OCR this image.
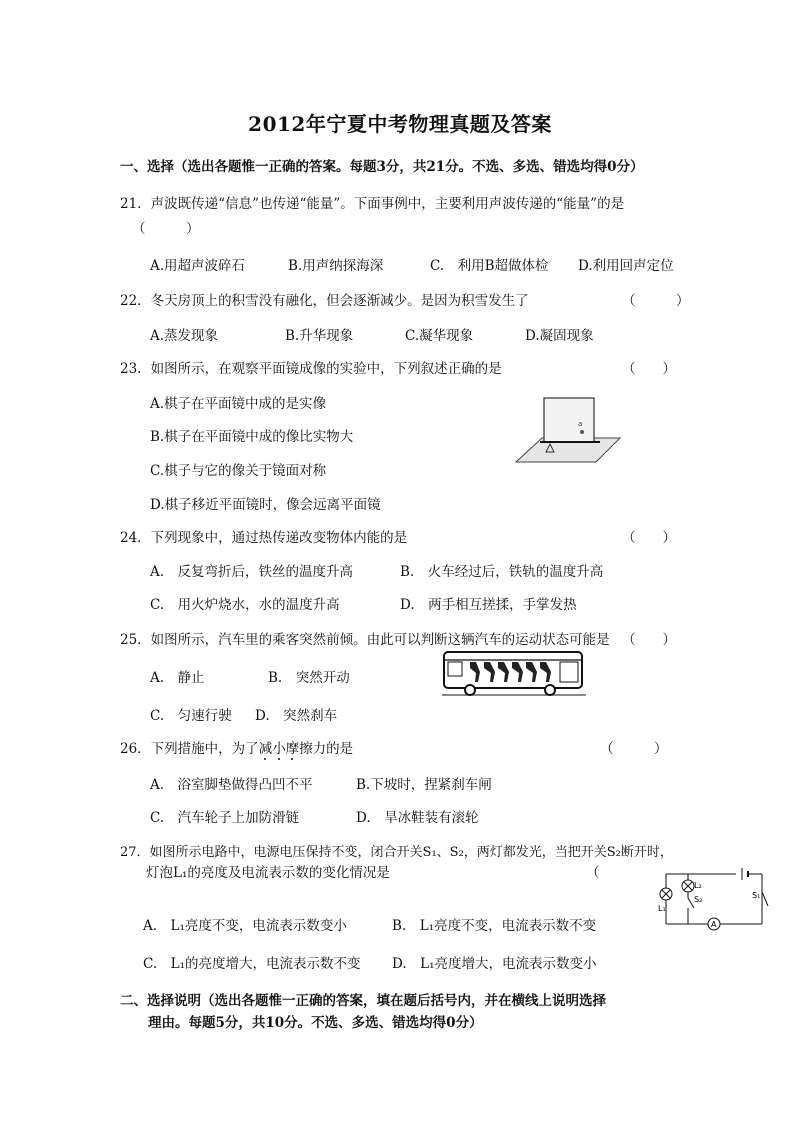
2012年宁夏中考物理真题及答案
一、选择（选出各题惟一正确的答案。每题3分，共21分。不选、多选、错选均得0分）
21．声波既传递“信息”也传递“能量”。下面事例中，主要利用声波传递的“能量”的是
（　　　）
A.用超声波碎石	B.用声纳探海深	C.　利用B超做体检 D.利用回声定位
22．冬天房顶上的积雪没有融化，但会逐渐减少。是因为积雪发生了	（　　　）
A.蒸发现象	B.升华现象	C.凝华现象	D.凝固现象
23．如图所示，在观察平面镜成像的实验中，下列叙述正确的是	（　　）
A.棋子在平面镜中成的是实像
B.棋子在平面镜中成的像比实物大
C.棋子与它的像关于镜面对称
D.棋子移近平面镜时，像会远离平面镜
a
24．下列现象中，通过热传递改变物体内能的是	（　　）
A.　反复弯折后，铁丝的温度升高	B.　火车经过后，铁轨的温度升高
C.　用火炉烧水，水的温度升高	D.　两手相互搓揉，手掌发热
25．如图所示，汽车里的乘客突然前倾。由此可以判断这辆汽车的运动状态可能是 （　　）
A.　静止	B.　突然开动
C.　匀速行驶 D.　突然刹车
26．下列措施中，为了减
小
摩
擦力的是	（　　　）
A.　浴室脚垫做得凸凹不平	B.下坡时，捏紧刹车闸
C.　汽车轮子上加防滑链	D.　旱冰鞋装有滚轮
27．如图所示电路中，电源电压保持不变，闭合开关S₁、S₂，两灯都发光，当把开关S₂断开时，
灯泡L₁的亮度及电流表示数的变化情况是	（
A.　L₁亮度不变，电流表示数变小	B.　L₁亮度不变，电流表示数不变
C.　L₁的亮度增大，电流表示数不变 D.　L₁亮度增大，电流表示数变小
A
L₁
L₂
S₂	S₁
二、选择说明（选出各题惟一正确的答案，填在题后括号内，并在横线上说明选择
理由。每题5分，共10分。不选、多选、错选均得0分）
